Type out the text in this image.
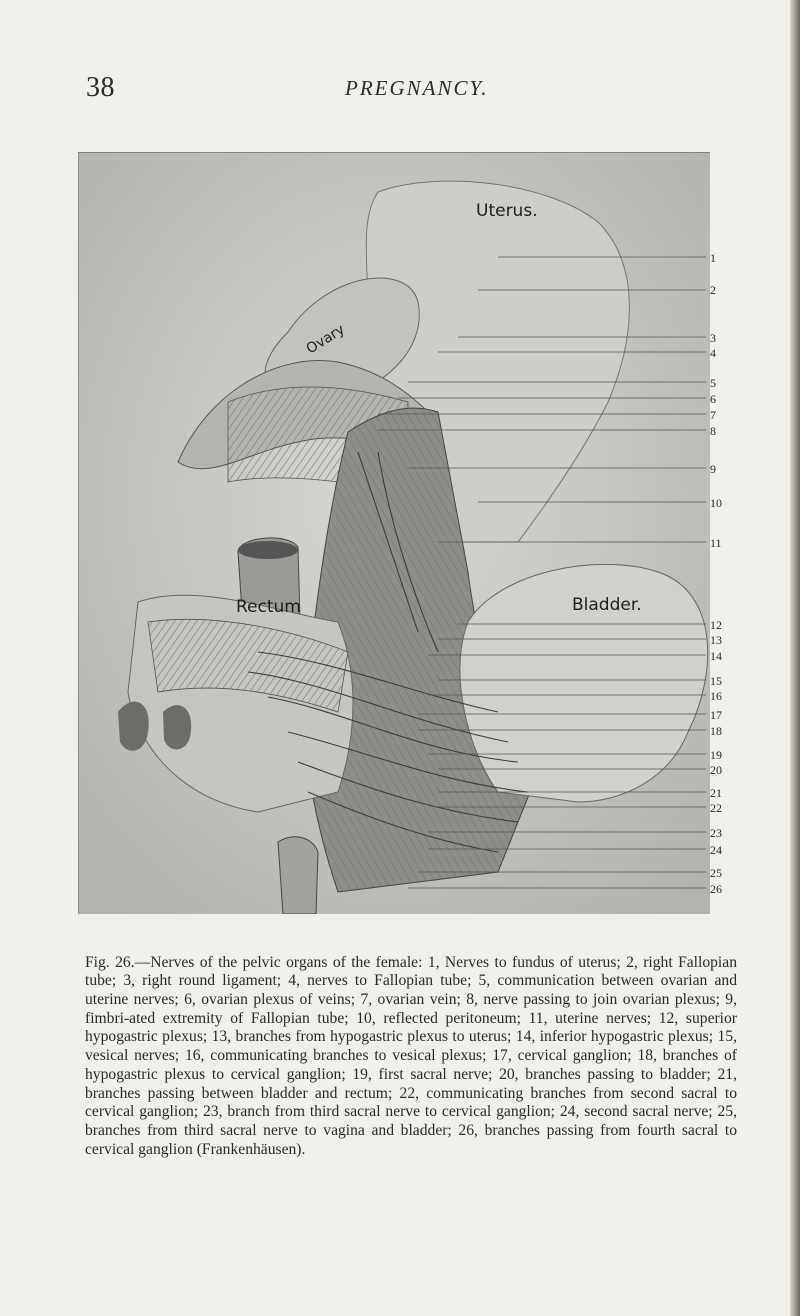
38	PREGNANCY.
Uterus.
Ovary
Rectum	Bladder.
1
2
3
4
5
6
7
8
9
10
11
12
13
14
15
16
17
18
19
20
21
22
23
24
25
26

Fig. 26.—Nerves of the pelvic organs of the female: 1, Nerves to fundus of uterus; 2, right Fallopian tube; 3, right round ligament; 4, nerves to Fallopian tube; 5, communication between ovarian and uterine nerves; 6, ovarian plexus of veins; 7, ovarian vein; 8, nerve passing to join ovarian plexus; 9, fimbri-ated extremity of Fallopian tube; 10, reflected peritoneum; 11, uterine nerves; 12, superior hypogastric plexus; 13, branches from hypogastric plexus to uterus; 14, inferior hypogastric plexus; 15, vesical nerves; 16, communicating branches to vesical plexus; 17, cervical ganglion; 18, branches of hypogastric plexus to cervical ganglion; 19, first sacral nerve; 20, branches passing to bladder; 21, branches passing between bladder and rectum; 22, communicating branches from second sacral to cervical ganglion; 23, branch from third sacral nerve to cervical ganglion; 24, second sacral nerve; 25, branches from third sacral nerve to vagina and bladder; 26, branches passing from fourth sacral to cervical ganglion (Frankenhäusen).
